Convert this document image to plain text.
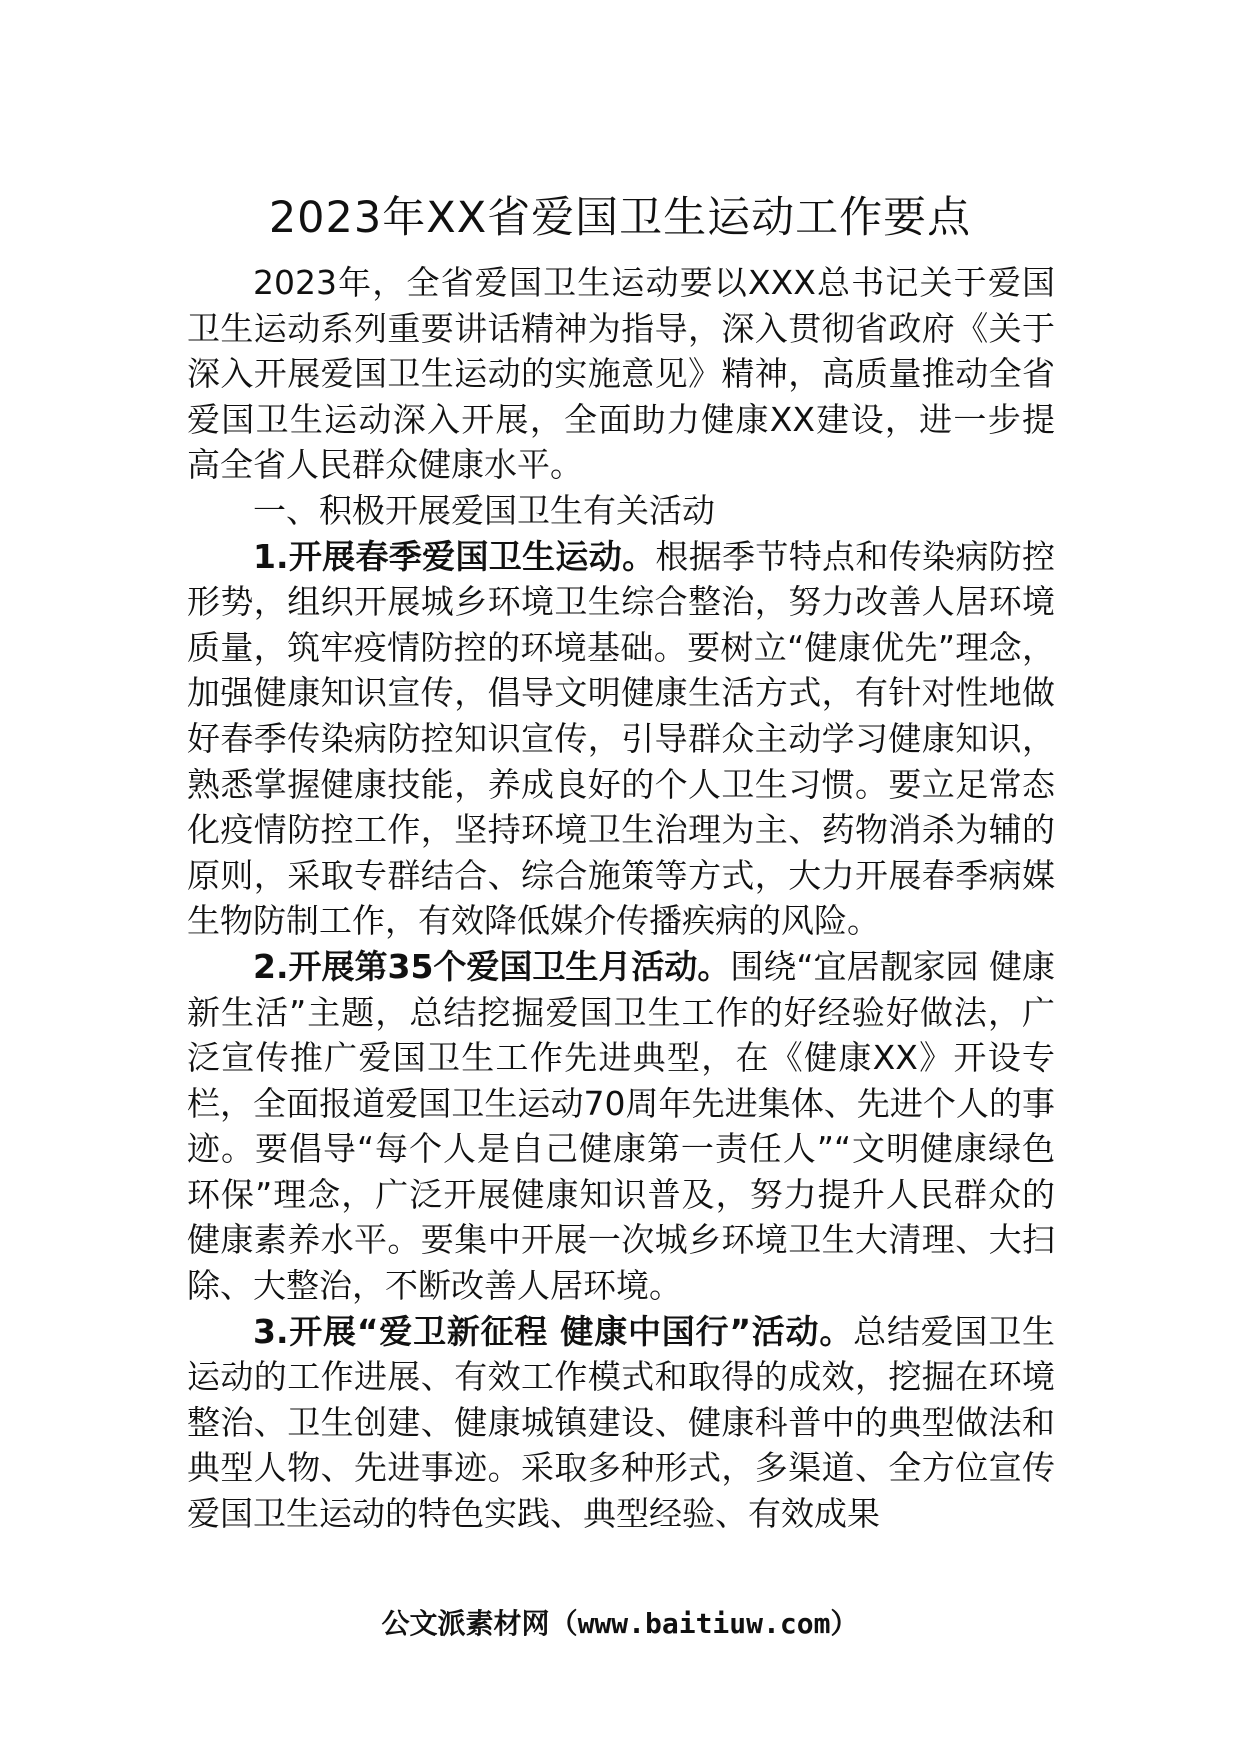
2023年XX省爱国卫生运动工作要点

2023年，全省爱国卫生运动要以XXX总书记关于爱国卫生运动系列重要讲话精神为指导，深入贯彻省政府《关于深入开展爱国卫生运动的实施意见》精神，高质量推动全省爱国卫生运动深入开展，全面助力健康XX建设，进一步提高全省人民群众健康水平。

一、积极开展爱国卫生有关活动

1.开展春季爱国卫生运动。根据季节特点和传染病防控形势，组织开展城乡环境卫生综合整治，努力改善人居环境质量，筑牢疫情防控的环境基础。要树立“健康优先”理念，加强健康知识宣传，倡导文明健康生活方式，有针对性地做好春季传染病防控知识宣传，引导群众主动学习健康知识，熟悉掌握健康技能，养成良好的个人卫生习惯。要立足常态化疫情防控工作，坚持环境卫生治理为主、药物消杀为辅的原则，采取专群结合、综合施策等方式，大力开展春季病媒生物防制工作，有效降低媒介传播疾病的风险。

2.开展第35个爱国卫生月活动。围绕“宜居靓家园 健康新生活”主题，总结挖掘爱国卫生工作的好经验好做法，广泛宣传推广爱国卫生工作先进典型，在《健康XX》开设专栏，全面报道爱国卫生运动70周年先进集体、先进个人的事迹。要倡导“每个人是自己健康第一责任人”“文明健康绿色环保”理念，广泛开展健康知识普及，努力提升人民群众的健康素养水平。要集中开展一次城乡环境卫生大清理、大扫除、大整治，不断改善人居环境。

3.开展“爱卫新征程 健康中国行”活动。总结爱国卫生运动的工作进展、有效工作模式和取得的成效，挖掘在环境整治、卫生创建、健康城镇建设、健康科普中的典型做法和典型人物、先进事迹。采取多种形式，多渠道、全方位宣传爱国卫生运动的特色实践、典型经验、有效成果

公文派素材网（www.baitiuw.com）
